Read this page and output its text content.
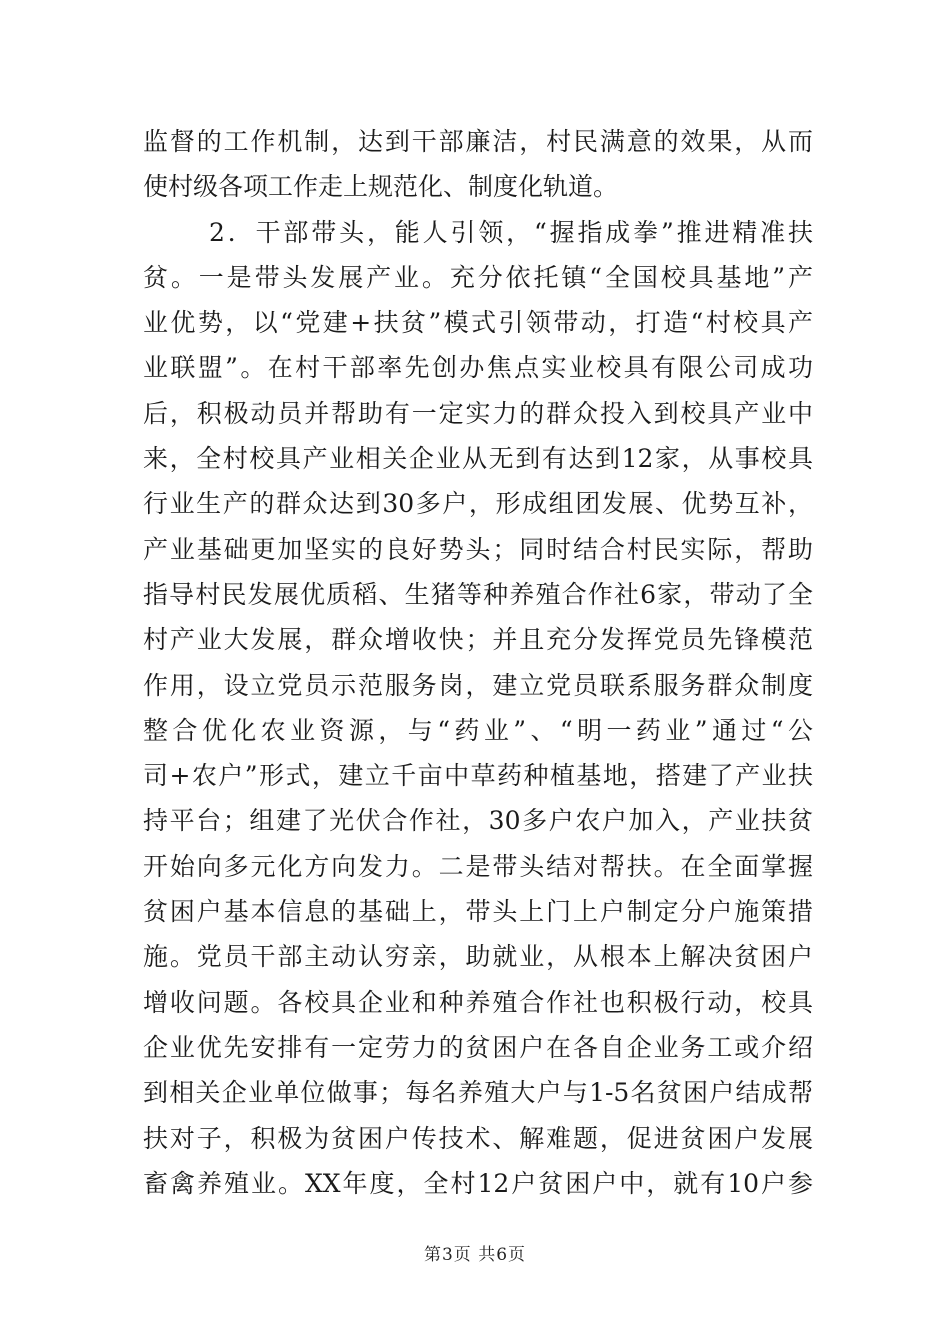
监督的工作机制，达到干部廉洁，村民满意的效果，从而
使村级各项工作走上规范化、制度化轨道。
2．干部带头，能人引领，“握指成拳”推进精准扶
贫。一是带头发展产业。充分依托镇“全国校具基地”产
业优势，以“党建+扶贫”模式引领带动，打造“村校具产
业联盟”。在村干部率先创办焦点实业校具有限公司成功
后，积极动员并帮助有一定实力的群众投入到校具产业中
来，全村校具产业相关企业从无到有达到12家，从事校具
行业生产的群众达到30多户，形成组团发展、优势互补，
产业基础更加坚实的良好势头；同时结合村民实际，帮助
指导村民发展优质稻、生猪等种养殖合作社6家，带动了全
村产业大发展，群众增收快；并且充分发挥党员先锋模范
作用，设立党员示范服务岗，建立党员联系服务群众制度
整合优化农业资源，与“药业”、“明一药业”通过“公
司+农户”形式，建立千亩中草药种植基地，搭建了产业扶
持平台；组建了光伏合作社，30多户农户加入，产业扶贫
开始向多元化方向发力。二是带头结对帮扶。在全面掌握
贫困户基本信息的基础上，带头上门上户制定分户施策措
施。党员干部主动认穷亲，助就业，从根本上解决贫困户
增收问题。各校具企业和种养殖合作社也积极行动，校具
企业优先安排有一定劳力的贫困户在各自企业务工或介绍
到相关企业单位做事；每名养殖大户与1-5名贫困户结成帮
扶对子，积极为贫困户传技术、解难题，促进贫困户发展
畜禽养殖业。XX年度，全村12户贫困户中，就有10户参
第3页 共6页
